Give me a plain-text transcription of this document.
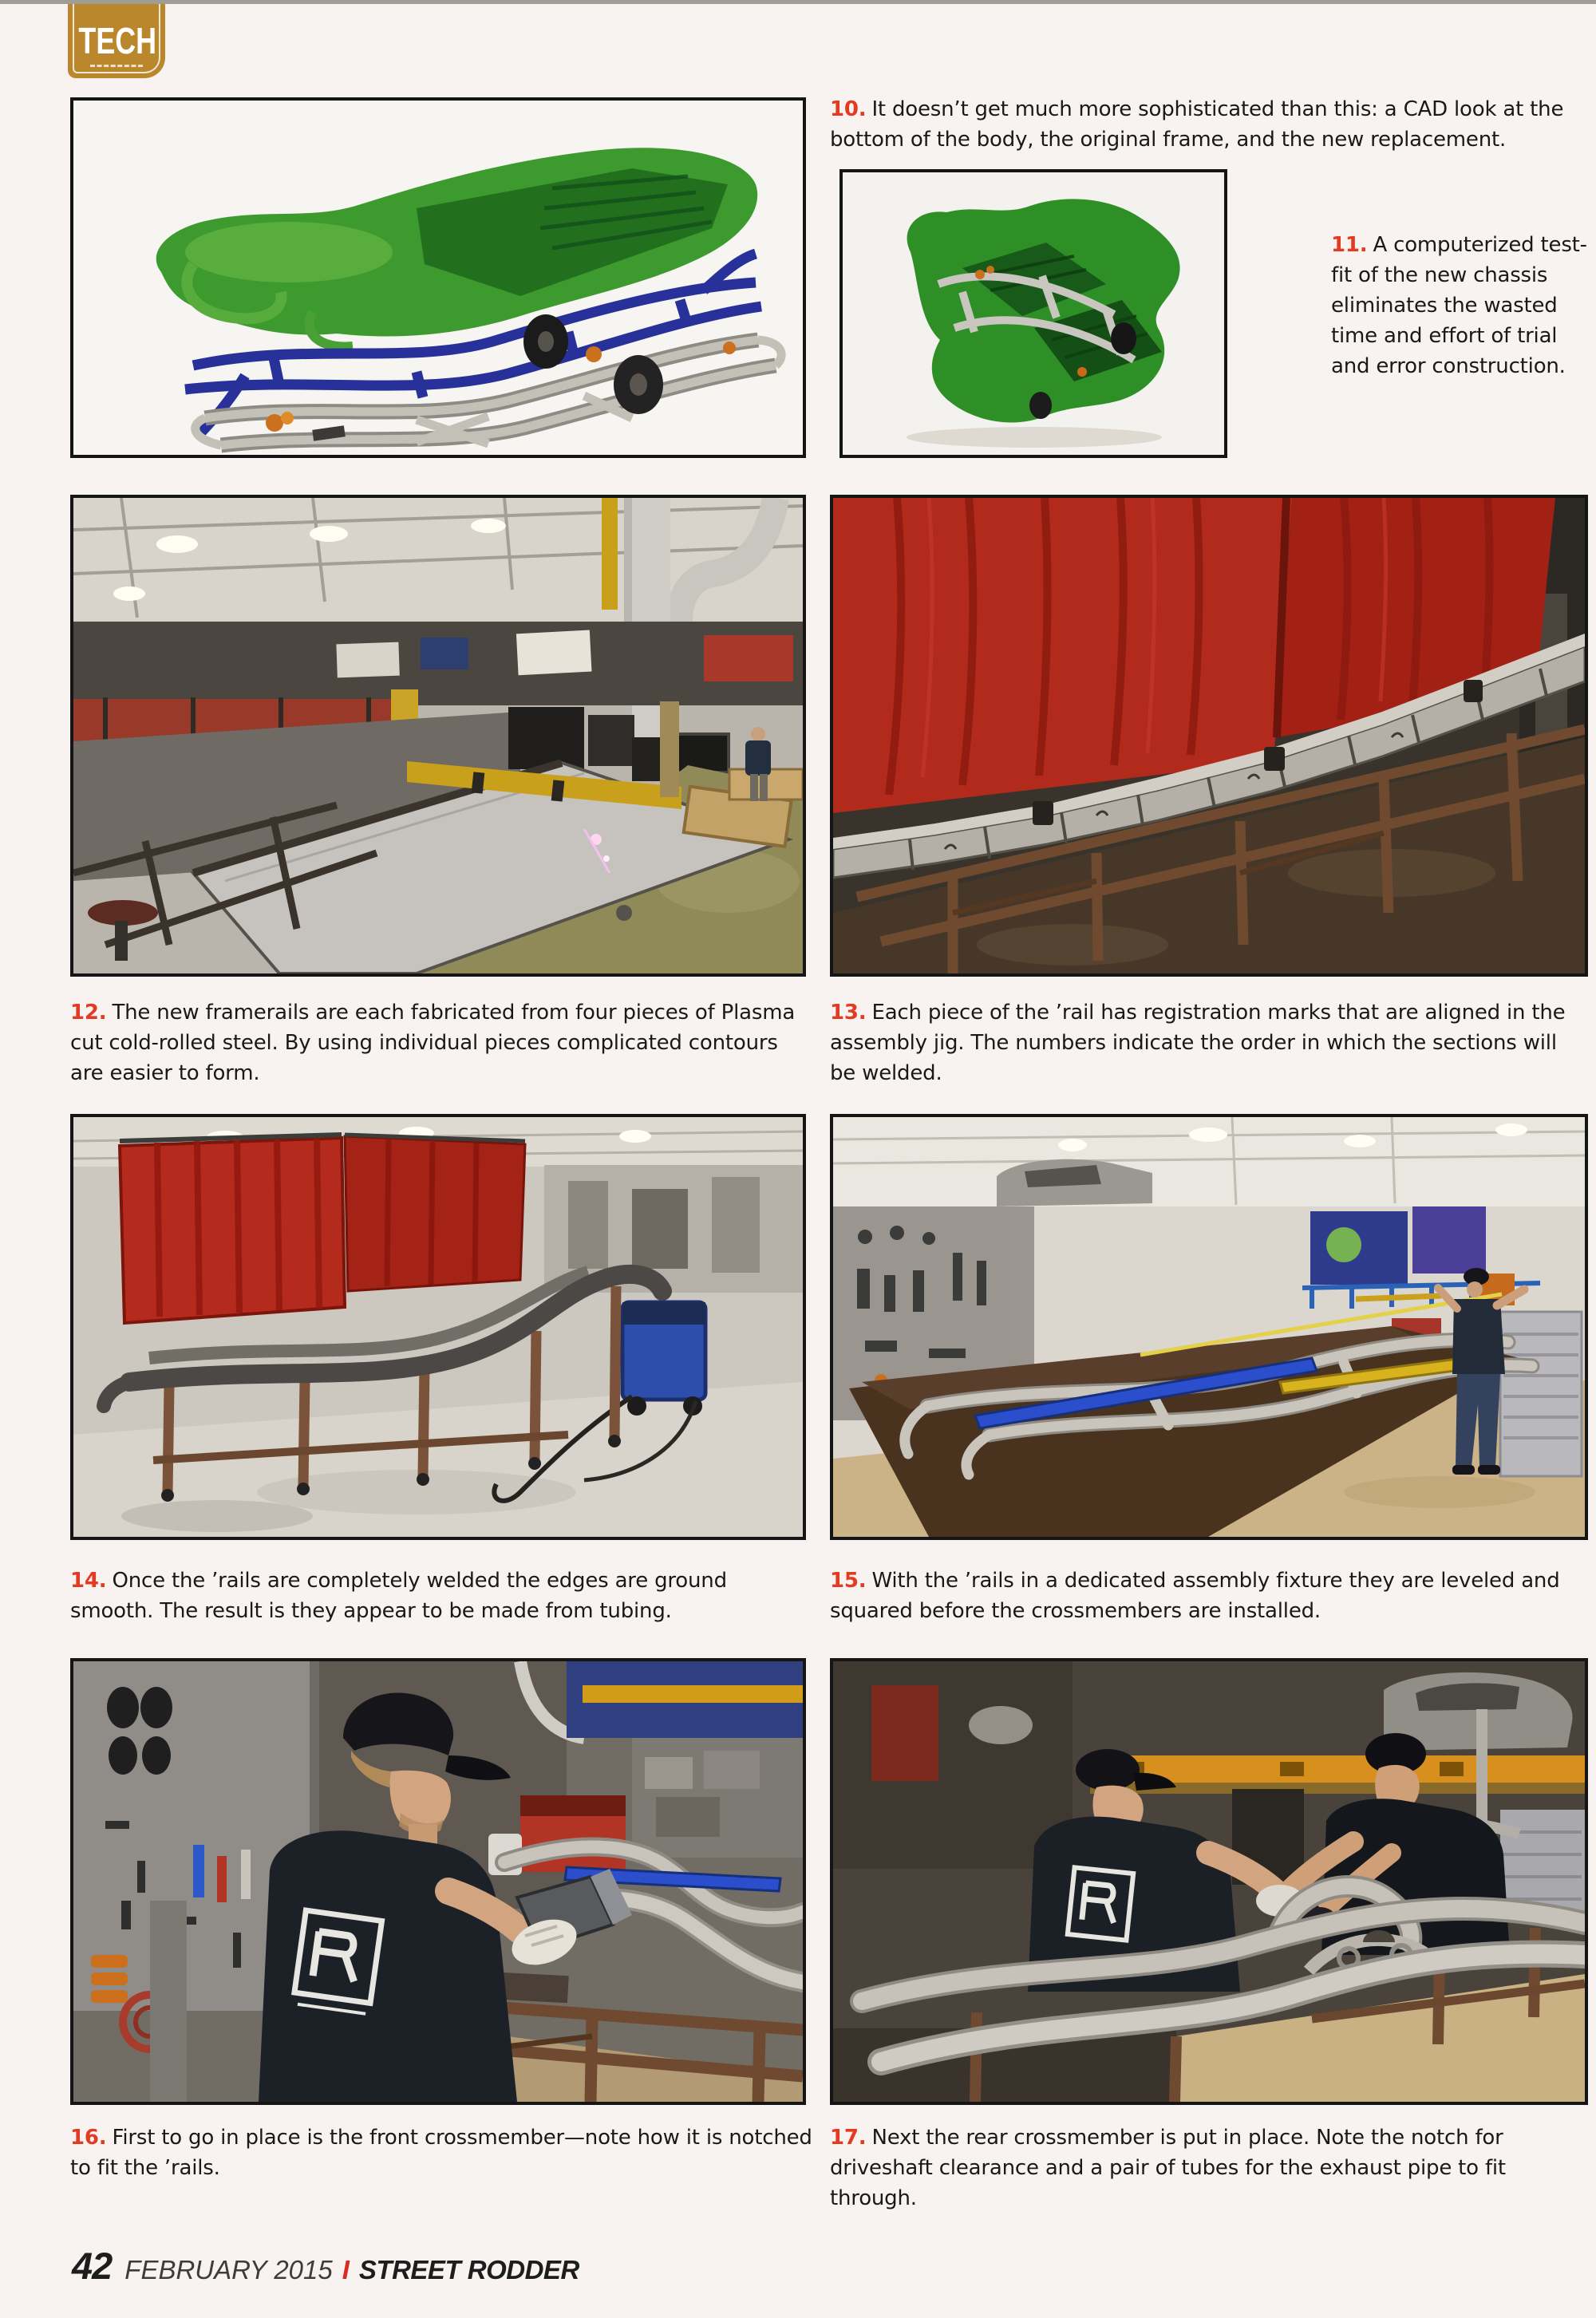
TECH

10. It doesn’t get much more sophisticated than this: a CAD look at the bottom of the body, the original frame, and the new replacement.

11. A computerized test-fit of the new chassis eliminates the wasted time and effort of trial and error construction.

12. The new framerails are each fabricated from four pieces of Plasma cut cold-rolled steel. By using individual pieces complicated contours are easier to form.

13. Each piece of the ’rail has registration marks that are aligned in the assembly jig. The numbers indicate the order in which the sections will be welded.

14. Once the ’rails are completely welded the edges are ground smooth. The result is they appear to be made from tubing.

15. With the ’rails in a dedicated assembly fixture they are leveled and squared before the crossmembers are installed.

16. First to go in place is the front crossmember—note how it is notched to fit the ’rails.

17. Next the rear crossmember is put in place. Note the notch for driveshaft clearance and a pair of tubes for the exhaust pipe to fit through.

42 FEBRUARY 2015 I STREET RODDER
